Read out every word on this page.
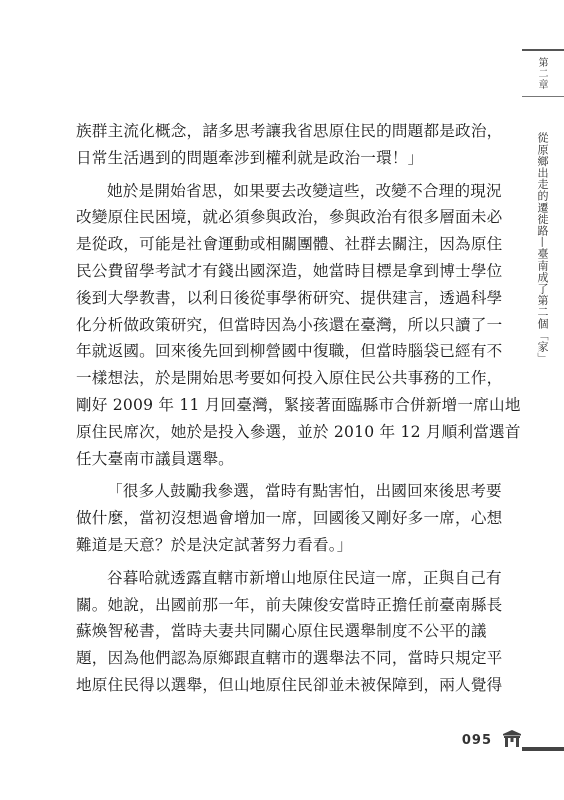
第二章
從原鄉出走的遷徙路—臺南成了第二個「家」
族群主流化概念，諸多思考讓我省思原住民的問題都是政治，
日常生活遇到的問題牽涉到權利就是政治一環！」
她於是開始省思，如果要去改變這些，改變不合理的現況
改變原住民困境，就必須參與政治，參與政治有很多層面未必
是從政，可能是社會運動或相關團體、社群去關注，因為原住
民公費留學考試才有錢出國深造，她當時目標是拿到博士學位
後到大學教書，以利日後從事學術研究、提供建言，透過科學
化分析做政策研究，但當時因為小孩還在臺灣，所以只讀了一
年就返國。回來後先回到柳營國中復職，但當時腦袋已經有不
一樣想法，於是開始思考要如何投入原住民公共事務的工作，
剛好 2009 年 11 月回臺灣，緊接著面臨縣市合併新增一席山地
原住民席次，她於是投入參選，並於 2010 年 12 月順利當選首
任大臺南市議員選舉。
「很多人鼓勵我參選，當時有點害怕，出國回來後思考要
做什麼，當初沒想過會增加一席，回國後又剛好多一席，心想
難道是天意？於是決定試著努力看看。」
谷暮哈就透露直轄市新增山地原住民這一席，正與自己有
關。她說，出國前那一年，前夫陳俊安當時正擔任前臺南縣長
蘇煥智秘書，當時夫妻共同關心原住民選舉制度不公平的議
題，因為他們認為原鄉跟直轄市的選舉法不同，當時只規定平
地原住民得以選舉，但山地原住民卻並未被保障到，兩人覺得
095
